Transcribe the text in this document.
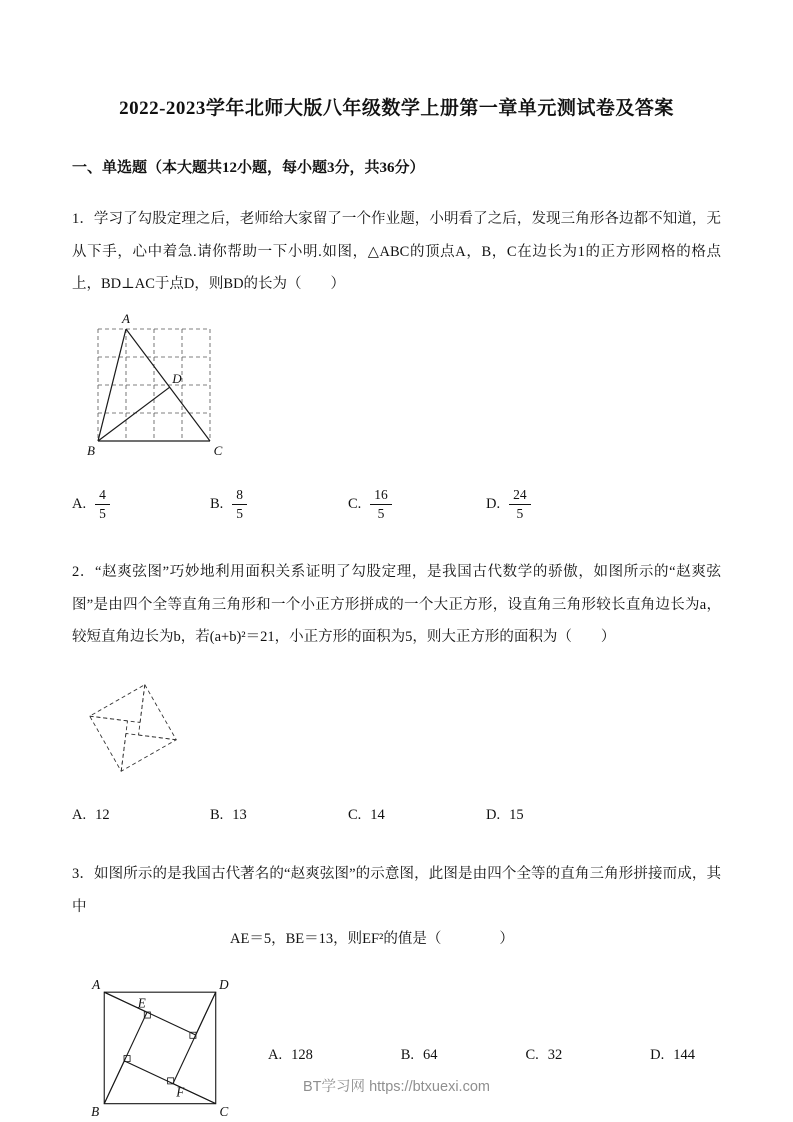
2022-2023学年北师大版八年级数学上册第一章单元测试卷及答案
一、单选题（本大题共12小题，每小题3分，共36分）

1．学习了勾股定理之后，老师给大家留了一个作业题，小明看了之后，发现三角形各边都不知道，无从下手，心中着急.请你帮助一下小明.如图，△ABC的顶点A，B，C在边长为1的正方形网格的格点上，BD⊥AC于点D，则BD的长为（　　）

A
B	C
D
A. $\frac{4}{5}$	B. $\frac{8}{5}$	C. $\frac{16}{5}$	D. $\frac{24}{5}$

2．“赵爽弦图”巧妙地利用面积关系证明了勾股定理，是我国古代数学的骄傲，如图所示的“赵爽弦图”是由四个全等直角三角形和一个小正方形拼成的一个大正方形，设直角三角形较长直角边长为a，较短直角边长为b，若(a+b)²＝21，小正方形的面积为5，则大正方形的面积为（　　）

A. 12	B. 13	C. 14	D. 15

3．如图所示的是我国古代著名的“赵爽弦图”的示意图，此图是由四个全等的直角三角形拼接而成，其中

AE＝5，BE＝13，则EF²的值是（　　　　）

A	D
B	C
E
F
A. 128	B. 64	C. 32	D. 144
BT学习网 https://btxuexi.com
